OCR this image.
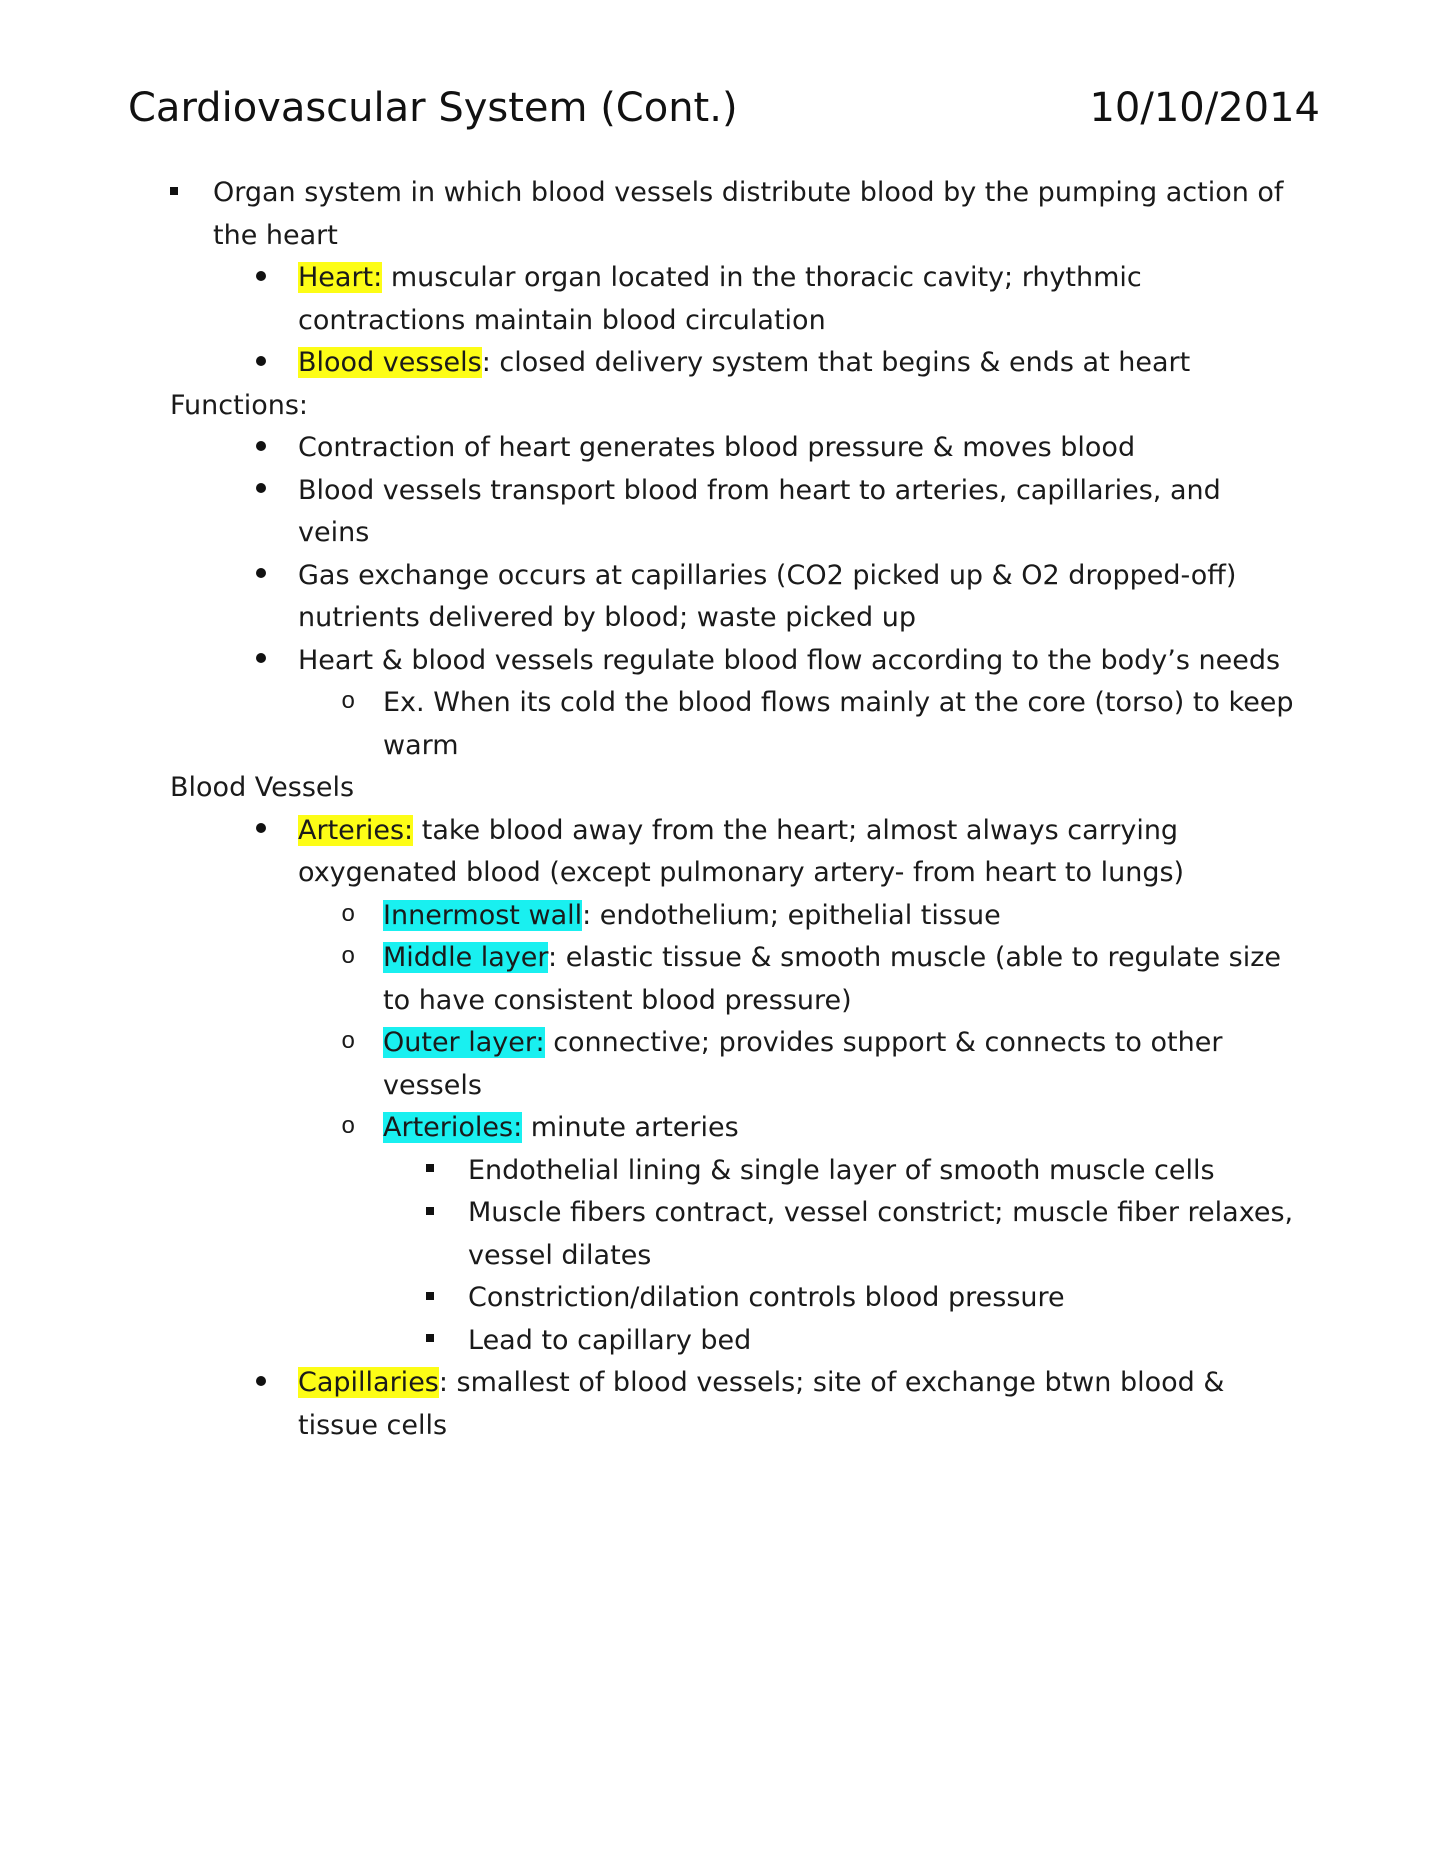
Cardiovascular System (Cont.)	10/10/2014
Organ system in which blood vessels distribute blood by the pumping action of the heart
Heart: muscular organ located in the thoracic cavity; rhythmic contractions maintain blood circulation
Blood vessels: closed delivery system that begins & ends at heart
Functions:
Contraction of heart generates blood pressure & moves blood
Blood vessels transport blood from heart to arteries, capillaries, and veins
Gas exchange occurs at capillaries (CO2 picked up & O2 dropped-off) nutrients delivered by blood; waste picked up
Heart & blood vessels regulate blood flow according to the body’s needs
o Ex. When its cold the blood flows mainly at the core (torso) to keep warm
Blood Vessels
Arteries: take blood away from the heart; almost always carrying oxygenated blood (except pulmonary artery- from heart to lungs)
o Innermost wall: endothelium; epithelial tissue
o Middle layer: elastic tissue & smooth muscle (able to regulate size to have consistent blood pressure)
o Outer layer: connective; provides support & connects to other vessels
o Arterioles: minute arteries
Endothelial lining & single layer of smooth muscle cells
Muscle fibers contract, vessel constrict; muscle fiber relaxes, vessel dilates
Constriction/dilation controls blood pressure
Lead to capillary bed
Capillaries: smallest of blood vessels; site of exchange btwn blood & tissue cells
